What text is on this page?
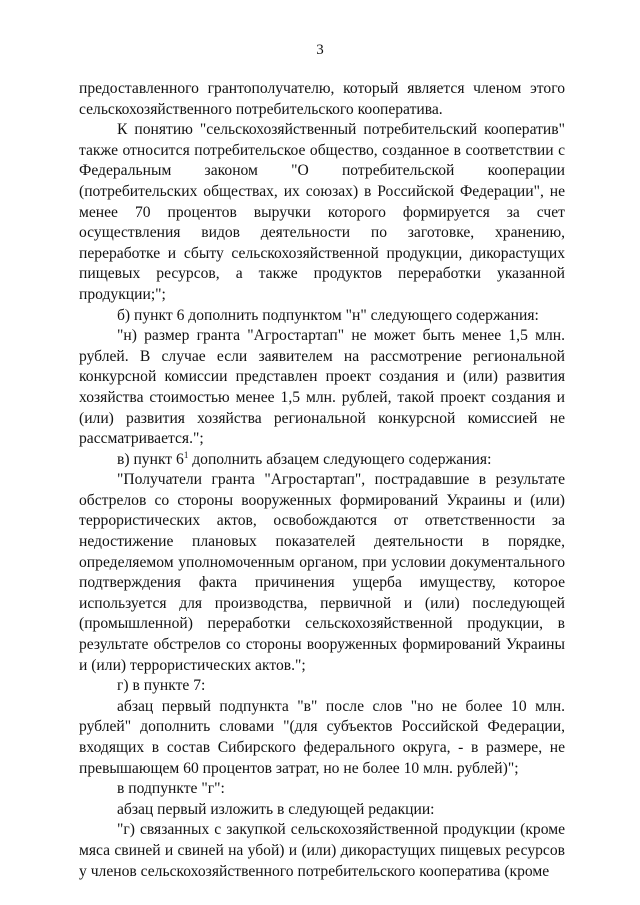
3

предоставленного грантополучателю, который является членом этого сельскохозяйственного потребительского кооператива.

К понятию "сельскохозяйственный потребительский кооператив" также относится потребительское общество, созданное в соответствии с Федеральным законом "О потребительской кооперации (потребительских обществах, их союзах) в Российской Федерации", не менее 70 процентов выручки которого формируется за счет осуществления видов деятельности по заготовке, хранению, переработке и сбыту сельскохозяйственной продукции, дикорастущих пищевых ресурсов, а также продуктов переработки указанной продукции;";

б) пункт 6 дополнить подпунктом "н" следующего содержания:

"н) размер гранта "Агростартап" не может быть менее 1,5 млн. рублей. В случае если заявителем на рассмотрение региональной конкурсной комиссии представлен проект создания и (или) развития хозяйства стоимостью менее 1,5 млн. рублей, такой проект создания и (или) развития хозяйства региональной конкурсной комиссией не рассматривается.";

в) пункт $6^1$ дополнить абзацем следующего содержания:

"Получатели гранта "Агростартап", пострадавшие в результате обстрелов со стороны вооруженных формирований Украины и (или) террористических актов, освобождаются от ответственности за недостижение плановых показателей деятельности в порядке, определяемом уполномоченным органом, при условии документального подтверждения факта причинения ущерба имуществу, которое используется для производства, первичной и (или) последующей (промышленной) переработки сельскохозяйственной продукции, в результате обстрелов со стороны вооруженных формирований Украины и (или) террористических актов.";

г) в пункте 7:

абзац первый подпункта "в" после слов "но не более 10 млн. рублей" дополнить словами "(для субъектов Российской Федерации, входящих в состав Сибирского федерального округа, - в размере, не превышающем 60 процентов затрат, но не более 10 млн. рублей)";

в подпункте "г":

абзац первый изложить в следующей редакции:

"г) связанных с закупкой сельскохозяйственной продукции (кроме мяса свиней и свиней на убой) и (или) дикорастущих пищевых ресурсов у членов сельскохозяйственного потребительского кооператива (кроме
